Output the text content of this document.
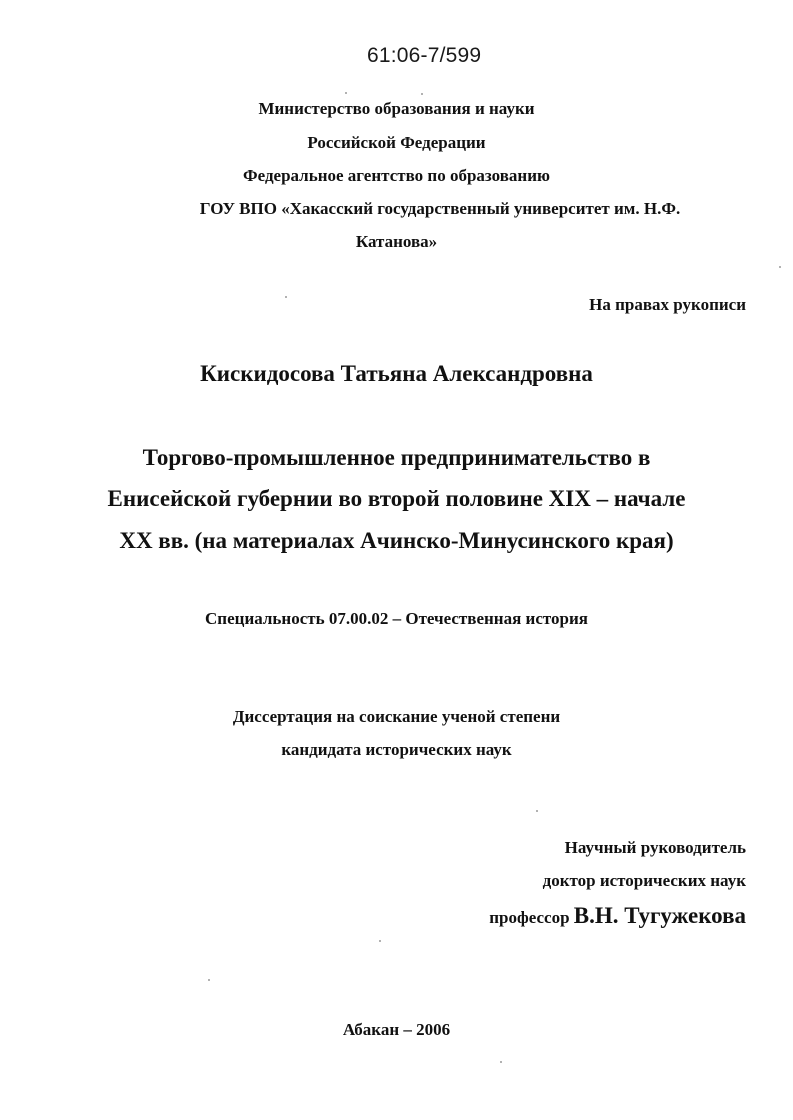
61:06-7/599
Министерство образования и науки
Российской Федерации
Федеральное агентство по образованию
ГОУ ВПО «Хакасский государственный университет им. Н.Ф.
Катанова»
На правах рукописи
Кискидосова Татьяна Александровна
Торгово-промышленное предпринимательство в
Енисейской губернии во второй половине XIX – начале
XX вв. (на материалах Ачинско-Минусинского края)
Специальность 07.00.02 – Отечественная история
Диссертация на соискание ученой степени
кандидата исторических наук
Научный руководитель
доктор исторических наук
профессор В.Н. Тугужекова
Абакан – 2006
